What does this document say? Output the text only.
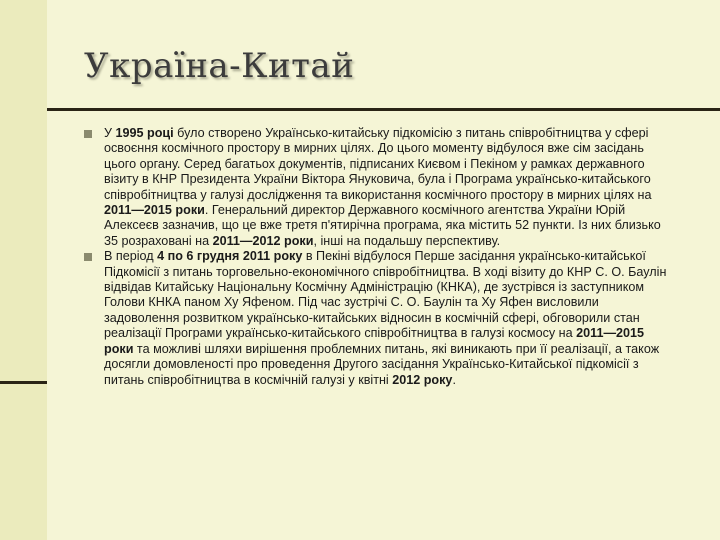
Україна-Китай
У 1995 році було створено Українсько-китайську підкомісію з питань співробітництва у сфері освоєння космічного простору в мирних цілях. До цього моменту відбулося вже сім засідань цього органу. Серед багатьох документів, підписаних Києвом і Пекіном у рамках державного візиту в КНР Президента України Віктора Януковича, була і Програма українсько-китайського співробітництва у галузі дослідження та використання космічного простору в мирних цілях на 2011—2015 роки. Генеральний директор Державного космічного агентства України Юрій Алексеєв зазначив, що це вже третя п'ятирічна програма, яка містить 52 пункти. Із них близько 35 розраховані на 2011—2012 роки, інші на подальшу перспективу.
В період 4 по 6 грудня 2011 року в Пекіні відбулося Перше засідання українсько-китайської Підкомісії з питань торговельно-економічного співробітництва. В ході візиту до КНР С. О. Баулін відвідав Китайську Національну Космічну Адміністрацію (КНКА), де зустрівся із заступником Голови КНКА паном Ху Яфеном. Під час зустрічі С. О. Баулін та Ху Яфен висловили задоволення розвитком українсько-китайських відносин в космічній сфері, обговорили стан реалізації Програми українсько-китайського співробітництва в галузі космосу на 2011—2015 роки та можливі шляхи вирішення проблемних питань, які виникають при її реалізації, а також досягли домовленості про проведення Другого засідання Українсько-Китайської підкомісії з питань співробітництва в космічній галузі у квітні 2012 року.
